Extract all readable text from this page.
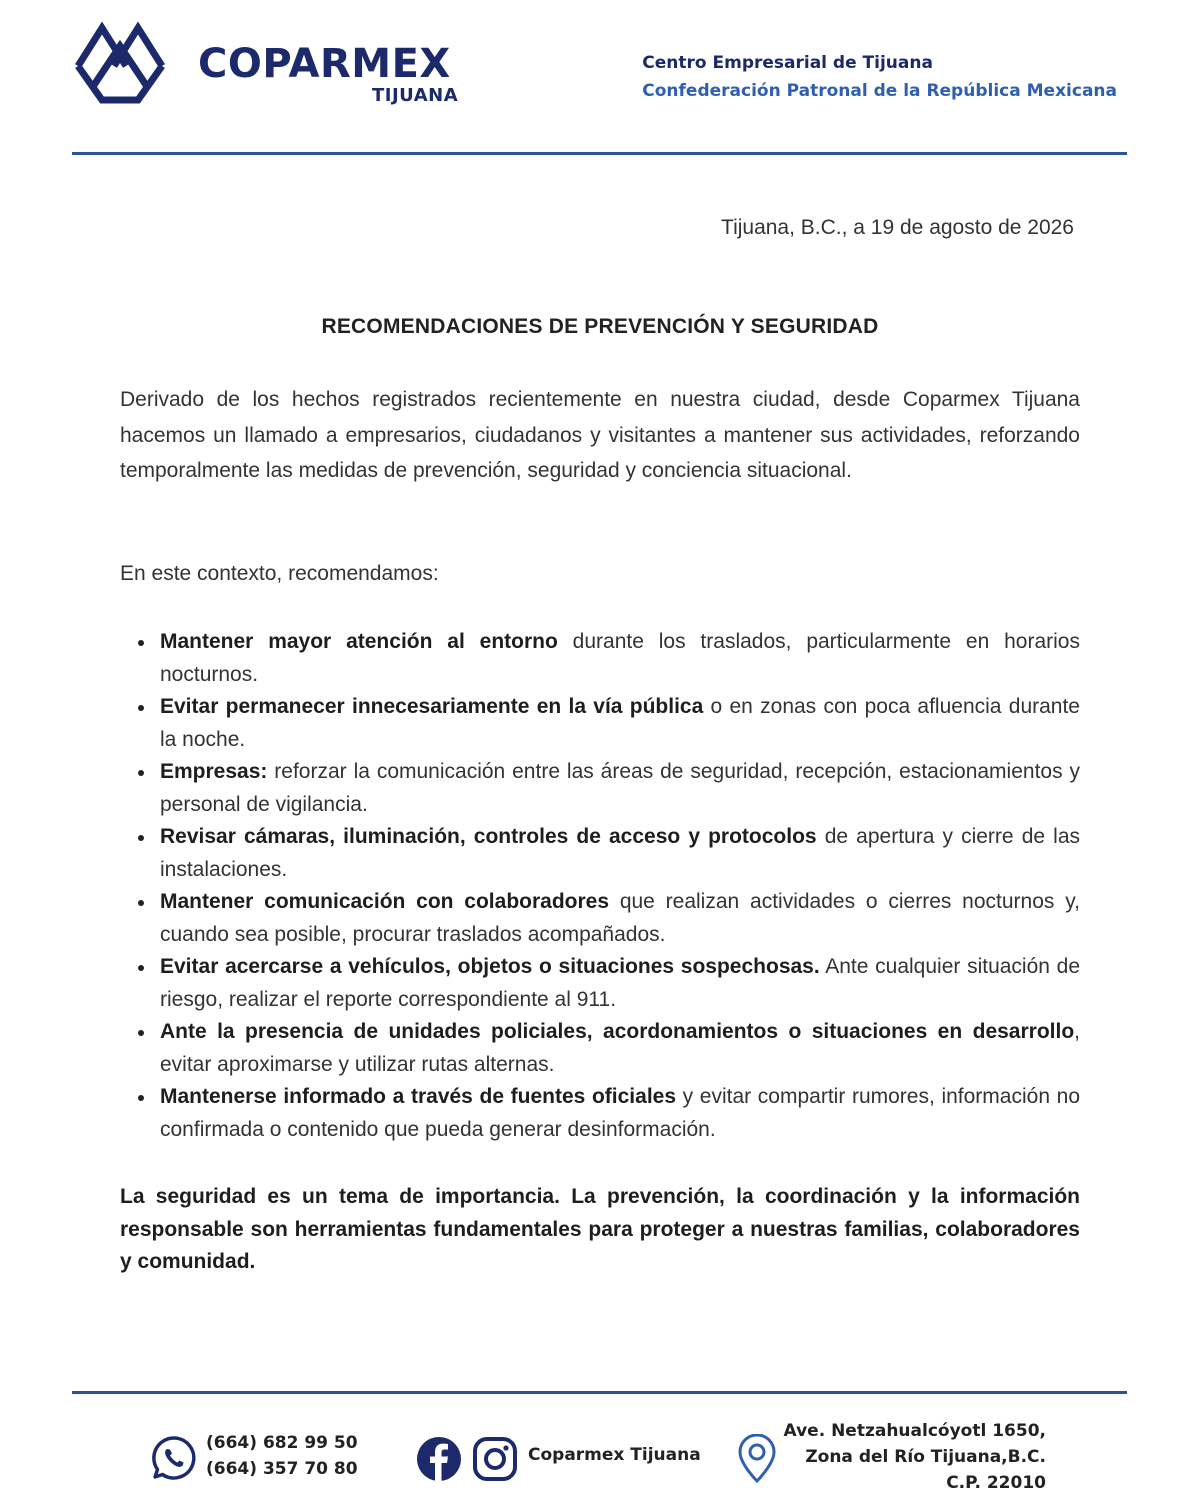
COPARMEX
TIJUANA
Centro Empresarial de Tijuana
Confederación Patronal de la República Mexicana
Tijuana, B.C., a 19 de agosto de 2026
RECOMENDACIONES DE PREVENCIÓN Y SEGURIDAD

Derivado de los hechos registrados recientemente en nuestra ciudad, desde Coparmex Tijuana hacemos un llamado a empresarios, ciudadanos y visitantes a mantener sus actividades, reforzando temporalmente las medidas de prevención, seguridad y conciencia situacional.

En este contexto, recomendamos:

Mantener mayor atención al entorno durante los traslados, particularmente en horarios nocturnos.
Evitar permanecer innecesariamente en la vía pública o en zonas con poca afluencia durante la noche.
Empresas: reforzar la comunicación entre las áreas de seguridad, recepción, estacionamientos y personal de vigilancia.
Revisar cámaras, iluminación, controles de acceso y protocolos de apertura y cierre de las instalaciones.
Mantener comunicación con colaboradores que realizan actividades o cierres nocturnos y, cuando sea posible, procurar traslados acompañados.
Evitar acercarse a vehículos, objetos o situaciones sospechosas. Ante cualquier situación de riesgo, realizar el reporte correspondiente al 911.
Ante la presencia de unidades policiales, acordonamientos o situaciones en desarrollo, evitar aproximarse y utilizar rutas alternas.
Mantenerse informado a través de fuentes oficiales y evitar compartir rumores, información no confirmada o contenido que pueda generar desinformación.

La seguridad es un tema de importancia. La prevención, la coordinación y la información responsable son herramientas fundamentales para proteger a nuestras familias, colaboradores y comunidad.

(664) 682 99 50
(664) 357 70 80
Coparmex Tijuana
Ave. Netzahualcóyotl 1650,
Zona del Río Tijuana,B.C.
C.P. 22010
